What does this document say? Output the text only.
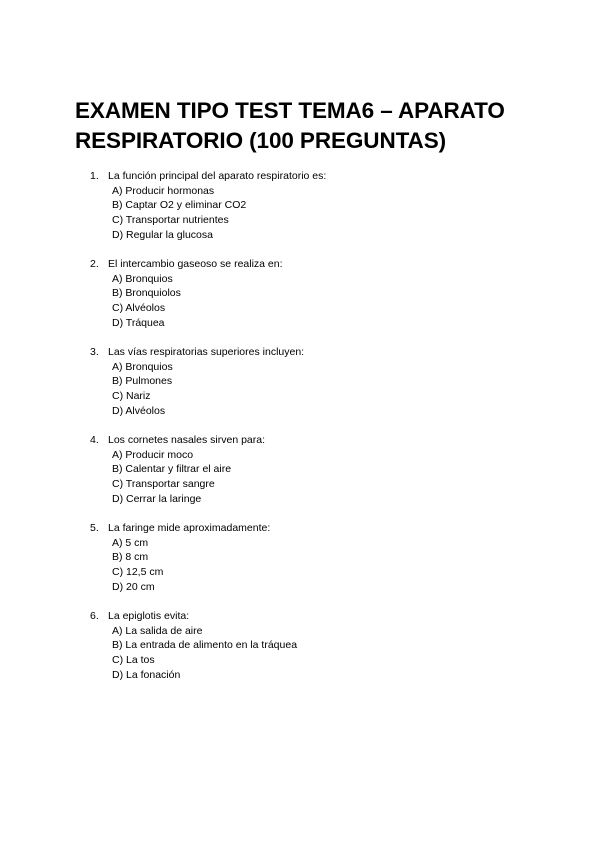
EXAMEN TIPO TEST TEMA6 – APARATO RESPIRATORIO (100 PREGUNTAS)
1. La función principal del aparato respiratorio es:
A) Producir hormonas
B) Captar O2 y eliminar CO2
C) Transportar nutrientes
D) Regular la glucosa
2. El intercambio gaseoso se realiza en:
A) Bronquios
B) Bronquiolos
C) Alvéolos
D) Tráquea
3. Las vías respiratorias superiores incluyen:
A) Bronquios
B) Pulmones
C) Nariz
D) Alvéolos
4. Los cornetes nasales sirven para:
A) Producir moco
B) Calentar y filtrar el aire
C) Transportar sangre
D) Cerrar la laringe
5. La faringe mide aproximadamente:
A) 5 cm
B) 8 cm
C) 12,5 cm
D) 20 cm
6. La epiglotis evita:
A) La salida de aire
B) La entrada de alimento en la tráquea
C) La tos
D) La fonación
